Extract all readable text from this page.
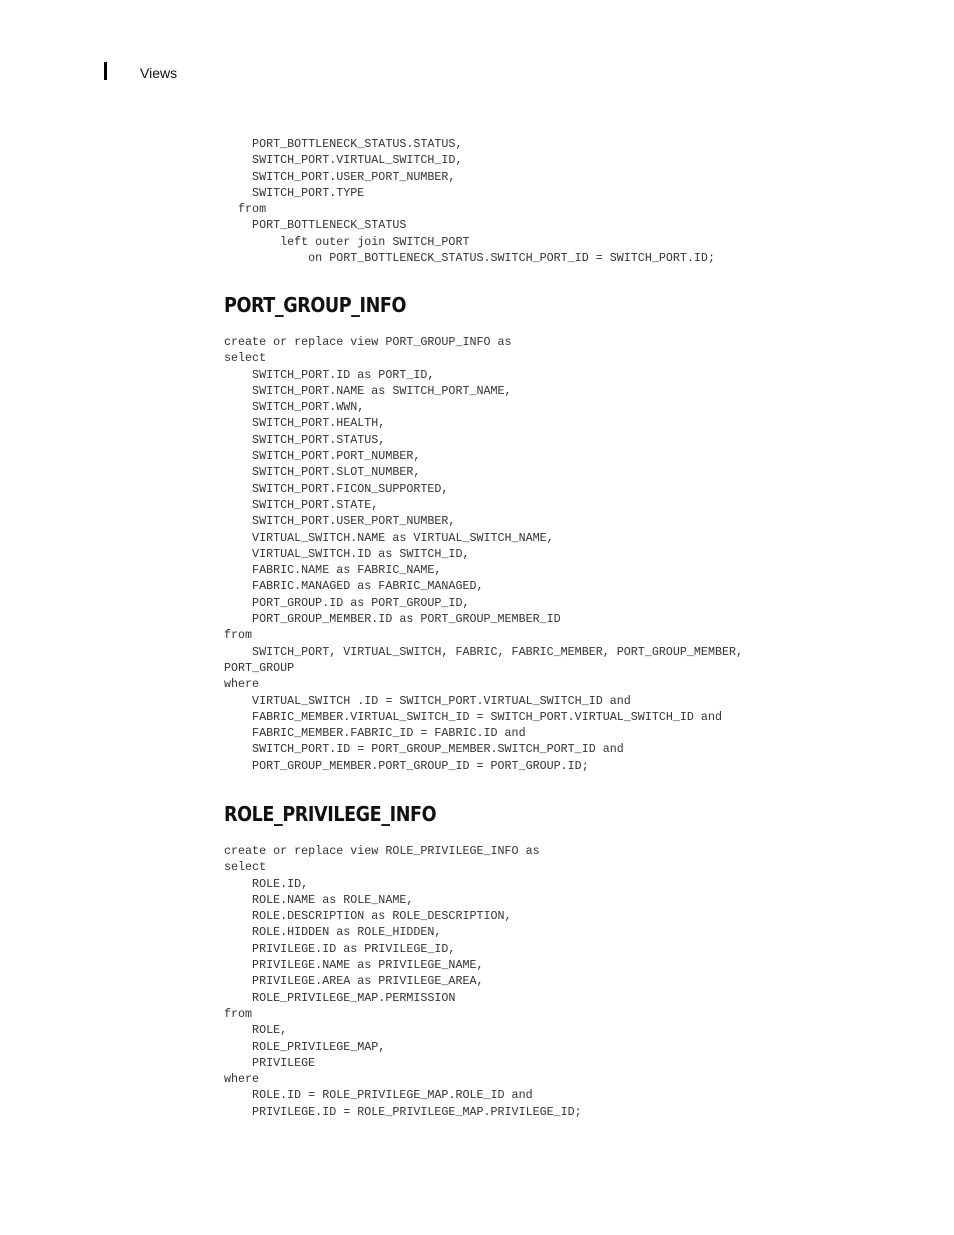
Views
PORT_BOTTLENECK_STATUS.STATUS,
SWITCH_PORT.VIRTUAL_SWITCH_ID,
SWITCH_PORT.USER_PORT_NUMBER,
SWITCH_PORT.TYPE
from
PORT_BOTTLENECK_STATUS
left outer join SWITCH_PORT
on PORT_BOTTLENECK_STATUS.SWITCH_PORT_ID = SWITCH_PORT.ID;
PORT_GROUP_INFO
create or replace view PORT_GROUP_INFO as
select
SWITCH_PORT.ID as PORT_ID,
SWITCH_PORT.NAME as SWITCH_PORT_NAME,
SWITCH_PORT.WWN,
SWITCH_PORT.HEALTH,
SWITCH_PORT.STATUS,
SWITCH_PORT.PORT_NUMBER,
SWITCH_PORT.SLOT_NUMBER,
SWITCH_PORT.FICON_SUPPORTED,
SWITCH_PORT.STATE,
SWITCH_PORT.USER_PORT_NUMBER,
VIRTUAL_SWITCH.NAME as VIRTUAL_SWITCH_NAME,
VIRTUAL_SWITCH.ID as SWITCH_ID,
FABRIC.NAME as FABRIC_NAME,
FABRIC.MANAGED as FABRIC_MANAGED,
PORT_GROUP.ID as PORT_GROUP_ID,
PORT_GROUP_MEMBER.ID as PORT_GROUP_MEMBER_ID
from
SWITCH_PORT, VIRTUAL_SWITCH, FABRIC, FABRIC_MEMBER, PORT_GROUP_MEMBER,
PORT_GROUP
where
VIRTUAL_SWITCH .ID = SWITCH_PORT.VIRTUAL_SWITCH_ID and
FABRIC_MEMBER.VIRTUAL_SWITCH_ID = SWITCH_PORT.VIRTUAL_SWITCH_ID and
FABRIC_MEMBER.FABRIC_ID = FABRIC.ID and
SWITCH_PORT.ID = PORT_GROUP_MEMBER.SWITCH_PORT_ID and
PORT_GROUP_MEMBER.PORT_GROUP_ID = PORT_GROUP.ID;
ROLE_PRIVILEGE_INFO
create or replace view ROLE_PRIVILEGE_INFO as
select
ROLE.ID,
ROLE.NAME as ROLE_NAME,
ROLE.DESCRIPTION as ROLE_DESCRIPTION,
ROLE.HIDDEN as ROLE_HIDDEN,
PRIVILEGE.ID as PRIVILEGE_ID,
PRIVILEGE.NAME as PRIVILEGE_NAME,
PRIVILEGE.AREA as PRIVILEGE_AREA,
ROLE_PRIVILEGE_MAP.PERMISSION
from
ROLE,
ROLE_PRIVILEGE_MAP,
PRIVILEGE
where
ROLE.ID = ROLE_PRIVILEGE_MAP.ROLE_ID and
PRIVILEGE.ID = ROLE_PRIVILEGE_MAP.PRIVILEGE_ID;
